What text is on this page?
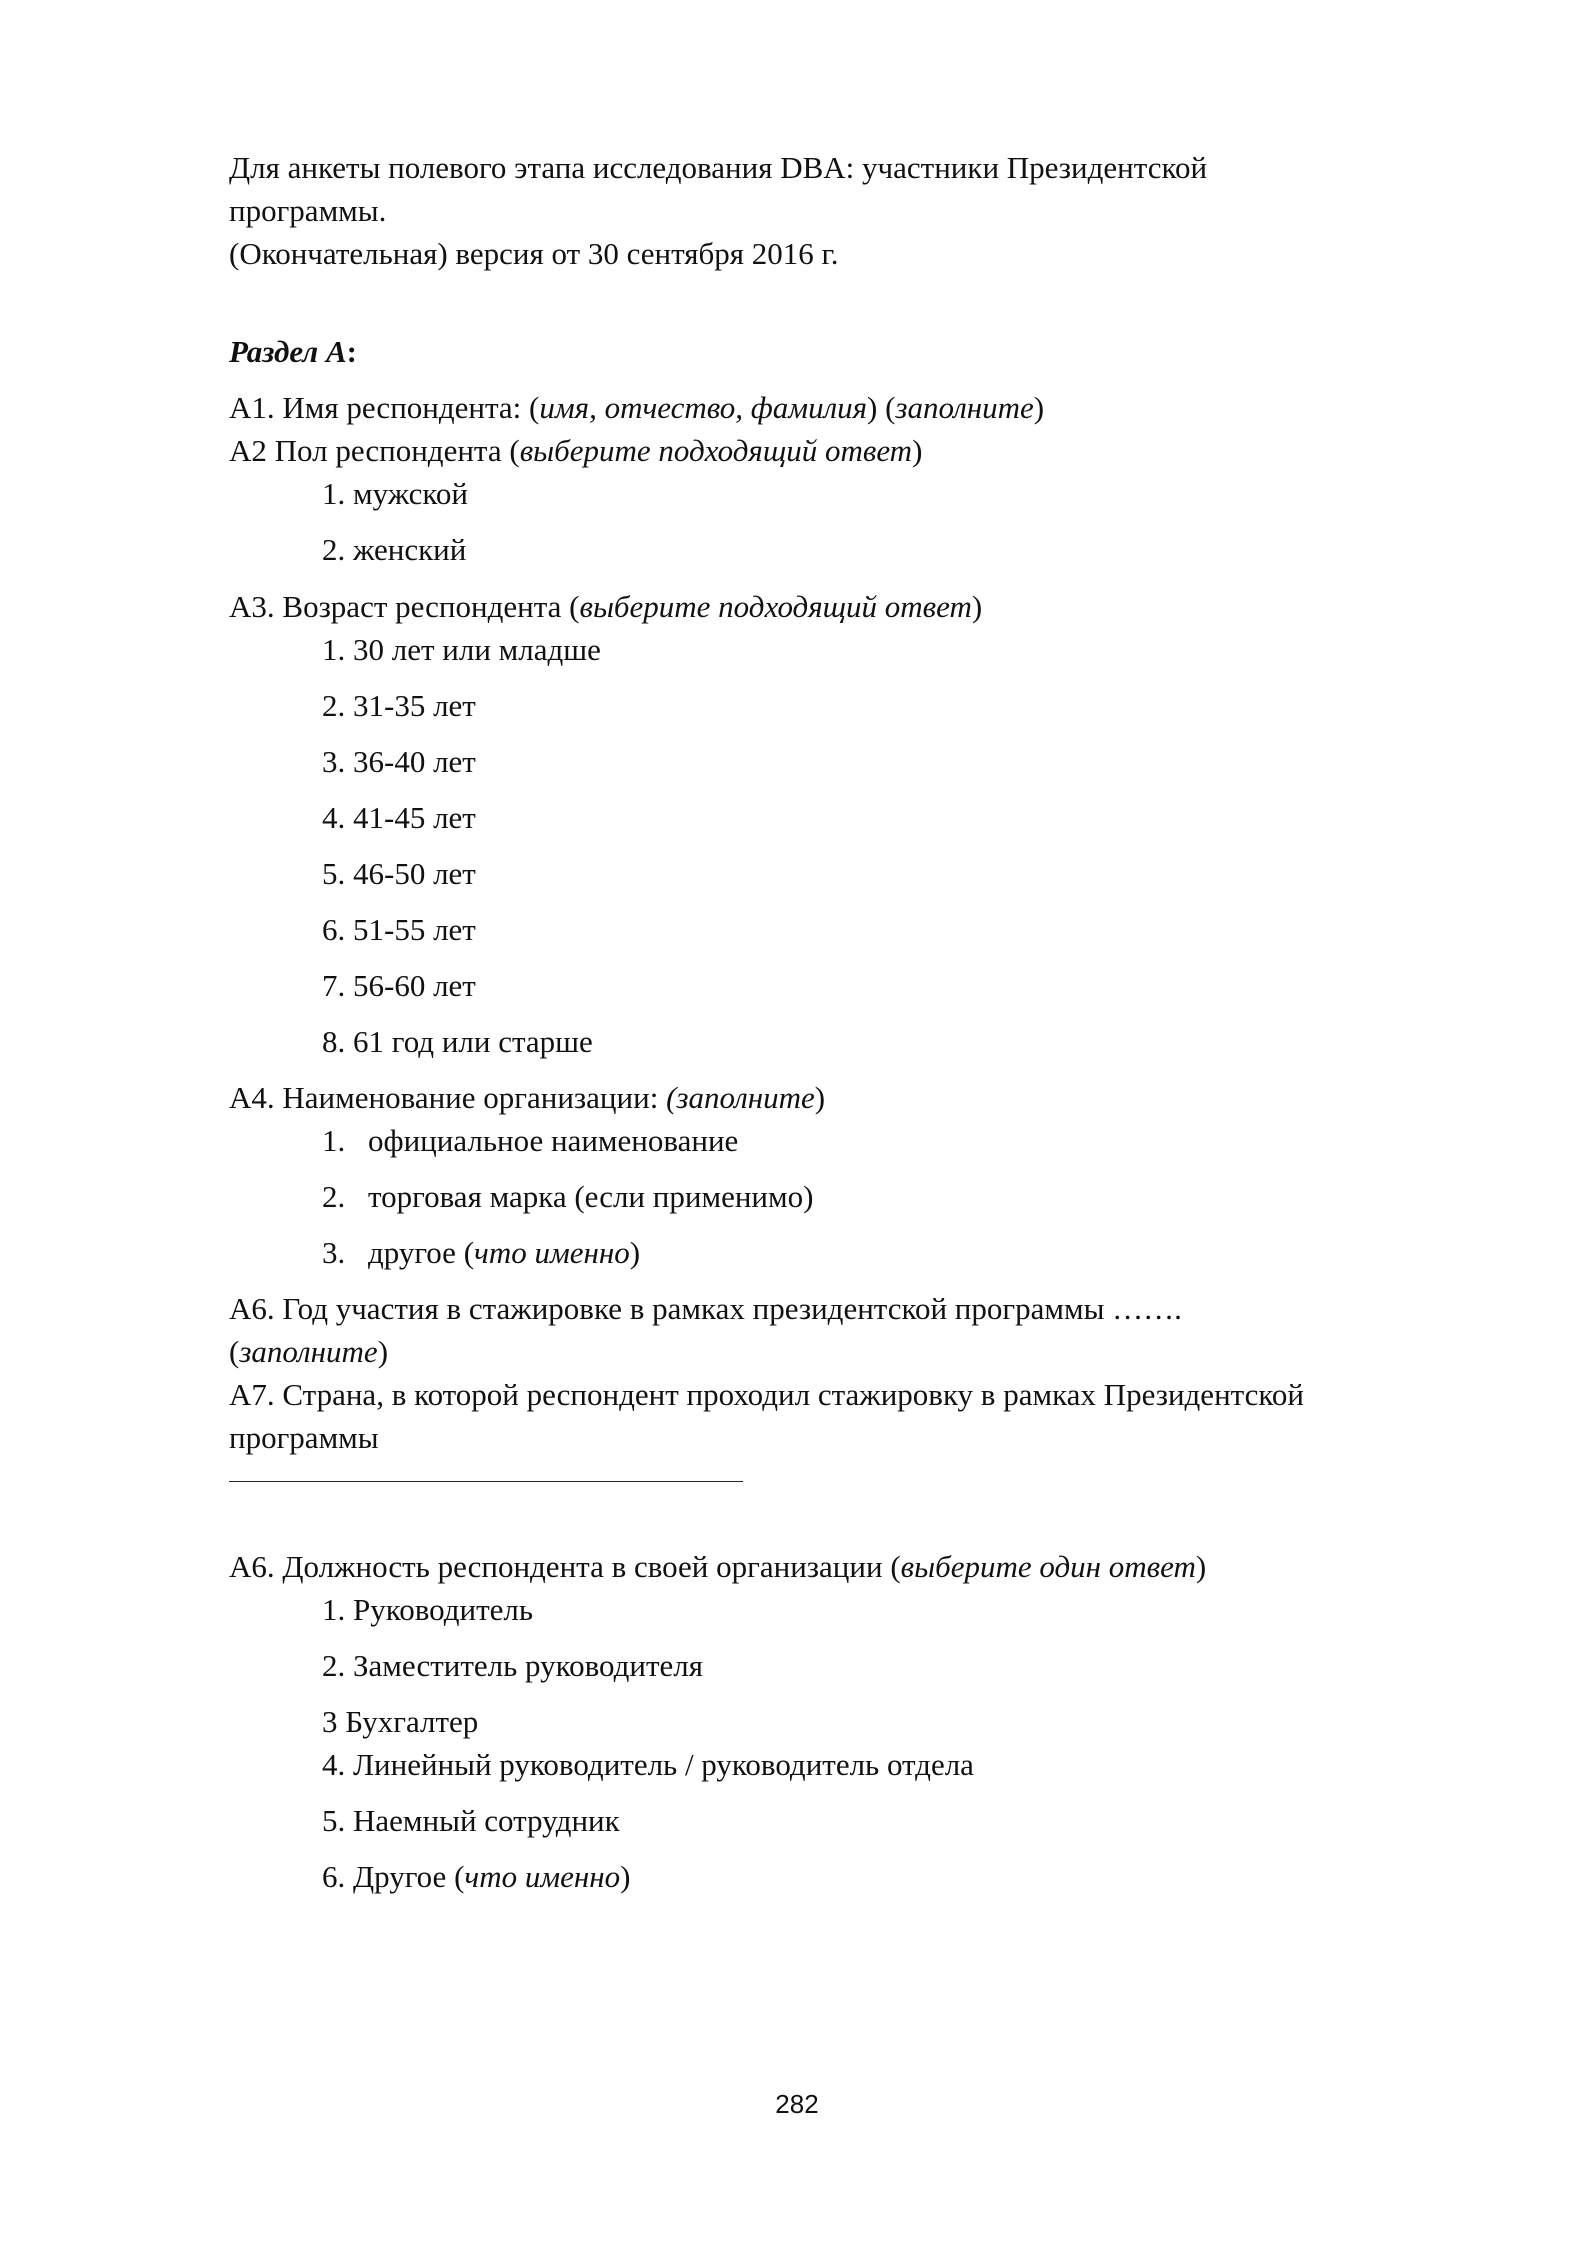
Для анкеты полевого этапа исследования DBA: участники Президентской
программы.
(Окончательная) версия от 30 сентября 2016 г.
Раздел А:
А1. Имя респондента: (имя, отчество, фамилия) (заполните)
А2 Пол респондента (выберите подходящий ответ)
1. мужской
2. женский
А3. Возраст респондента (выберите подходящий ответ)
1. 30 лет или младше
2. 31-35 лет
3. 36-40 лет
4. 41-45 лет
5. 46-50 лет
6. 51-55 лет
7. 56-60 лет
8. 61 год или старше
А4. Наименование организации: (заполните)
1. официальное наименование
2. торговая марка (если применимо)
3. другое (что именно)
А6. Год участия в стажировке в рамках президентской программы …….
(заполните)
А7. Страна, в которой респондент проходил стажировку в рамках Президентской
программы
А6. Должность респондента в своей организации (выберите один ответ)
1. Руководитель
2. Заместитель руководителя
3 Бухгалтер
4. Линейный руководитель / руководитель отдела
5. Наемный сотрудник
6. Другое (что именно)
282
